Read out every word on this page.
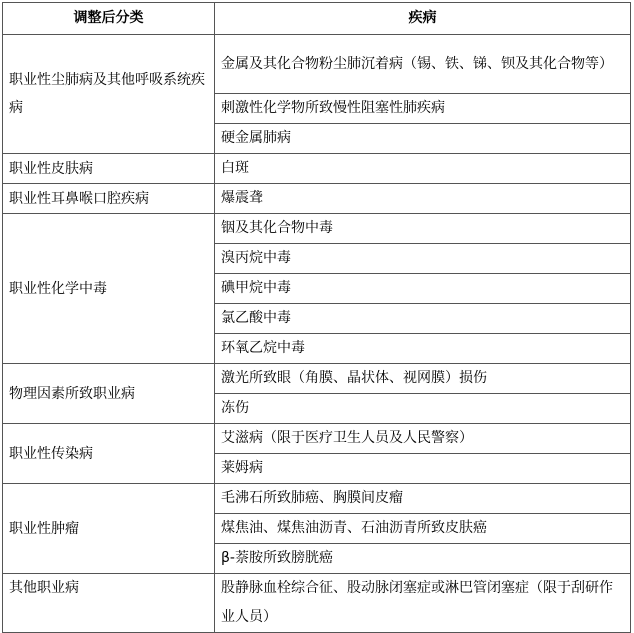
调整后分类	疾病
职业性尘肺病及其他呼吸系统疾病	金属及其化合物粉尘肺沉着病（锡、铁、锑、钡及其化合物等）
	刺激性化学物所致慢性阻塞性肺疾病
	硬金属肺病
职业性皮肤病	白斑
职业性耳鼻喉口腔疾病	爆震聋
职业性化学中毒	铟及其化合物中毒
	溴丙烷中毒
	碘甲烷中毒
	氯乙酸中毒
	环氧乙烷中毒
物理因素所致职业病	激光所致眼（角膜、晶状体、视网膜）损伤
	冻伤
职业性传染病	艾滋病（限于医疗卫生人员及人民警察）
	莱姆病
职业性肿瘤	毛沸石所致肺癌、胸膜间皮瘤
	煤焦油、煤焦油沥青、石油沥青所致皮肤癌
	β-萘胺所致膀胱癌
其他职业病	股静脉血栓综合征、股动脉闭塞症或淋巴管闭塞症（限于刮研作业人员）
